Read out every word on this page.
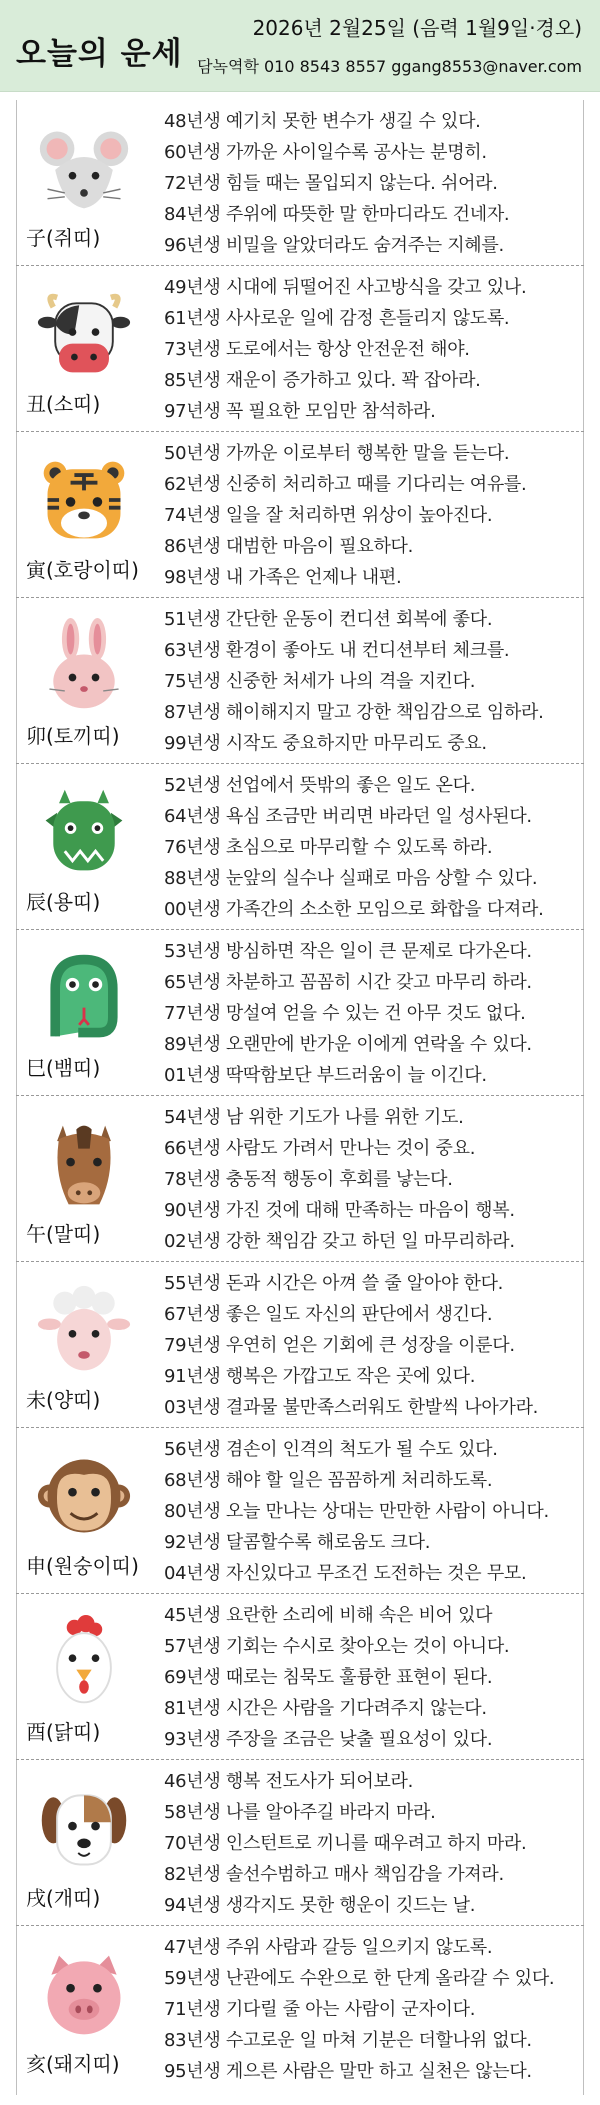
오늘의 운세
2026년 2월25일 (음력 1월9일·경오)
담녹역학 010 8543 8557 ggang8553@naver.com
子(쥐띠)
48년생 예기치 못한 변수가 생길 수 있다.
60년생 가까운 사이일수록 공사는 분명히.
72년생 힘들 때는 몰입되지 않는다. 쉬어라.
84년생 주위에 따뜻한 말 한마디라도 건네자.
96년생 비밀을 알았더라도 숨겨주는 지혜를.
丑(소띠)
49년생 시대에 뒤떨어진 사고방식을 갖고 있나.
61년생 사사로운 일에 감정 흔들리지 않도록.
73년생 도로에서는 항상 안전운전 해야.
85년생 재운이 증가하고 있다. 꽉 잡아라.
97년생 꼭 필요한 모임만 참석하라.
寅(호랑이띠)
50년생 가까운 이로부터 행복한 말을 듣는다.
62년생 신중히 처리하고 때를 기다리는 여유를.
74년생 일을 잘 처리하면 위상이 높아진다.
86년생 대범한 마음이 필요하다.
98년생 내 가족은 언제나 내편.
卯(토끼띠)
51년생 간단한 운동이 컨디션 회복에 좋다.
63년생 환경이 좋아도 내 컨디션부터 체크를.
75년생 신중한 처세가 나의 격을 지킨다.
87년생 해이해지지 말고 강한 책임감으로 임하라.
99년생 시작도 중요하지만 마무리도 중요.
辰(용띠)
52년생 선업에서 뜻밖의 좋은 일도 온다.
64년생 욕심 조금만 버리면 바라던 일 성사된다.
76년생 초심으로 마무리할 수 있도록 하라.
88년생 눈앞의 실수나 실패로 마음 상할 수 있다.
00년생 가족간의 소소한 모임으로 화합을 다져라.
巳(뱀띠)
53년생 방심하면 작은 일이 큰 문제로 다가온다.
65년생 차분하고 꼼꼼히 시간 갖고 마무리 하라.
77년생 망설여 얻을 수 있는 건 아무 것도 없다.
89년생 오랜만에 반가운 이에게 연락올 수 있다.
01년생 딱딱함보단 부드러움이 늘 이긴다.
午(말띠)
54년생 남 위한 기도가 나를 위한 기도.
66년생 사람도 가려서 만나는 것이 중요.
78년생 충동적 행동이 후회를 낳는다.
90년생 가진 것에 대해 만족하는 마음이 행복.
02년생 강한 책임감 갖고 하던 일 마무리하라.
未(양띠)
55년생 돈과 시간은 아껴 쓸 줄 알아야 한다.
67년생 좋은 일도 자신의 판단에서 생긴다.
79년생 우연히 얻은 기회에 큰 성장을 이룬다.
91년생 행복은 가깝고도 작은 곳에 있다.
03년생 결과물 불만족스러워도 한발씩 나아가라.
申(원숭이띠)
56년생 겸손이 인격의 척도가 될 수도 있다.
68년생 해야 할 일은 꼼꼼하게 처리하도록.
80년생 오늘 만나는 상대는 만만한 사람이 아니다.
92년생 달콤할수록 해로움도 크다.
04년생 자신있다고 무조건 도전하는 것은 무모.
酉(닭띠)
45년생 요란한 소리에 비해 속은 비어 있다
57년생 기회는 수시로 찾아오는 것이 아니다.
69년생 때로는 침묵도 훌륭한 표현이 된다.
81년생 시간은 사람을 기다려주지 않는다.
93년생 주장을 조금은 낮출 필요성이 있다.
戌(개띠)
46년생 행복 전도사가 되어보라.
58년생 나를 알아주길 바라지 마라.
70년생 인스턴트로 끼니를 때우려고 하지 마라.
82년생 솔선수범하고 매사 책임감을 가져라.
94년생 생각지도 못한 행운이 깃드는 날.
亥(돼지띠)
47년생 주위 사람과 갈등 일으키지 않도록.
59년생 난관에도 수완으로 한 단계 올라갈 수 있다.
71년생 기다릴 줄 아는 사람이 군자이다.
83년생 수고로운 일 마쳐 기분은 더할나위 없다.
95년생 게으른 사람은 말만 하고 실천은 않는다.
